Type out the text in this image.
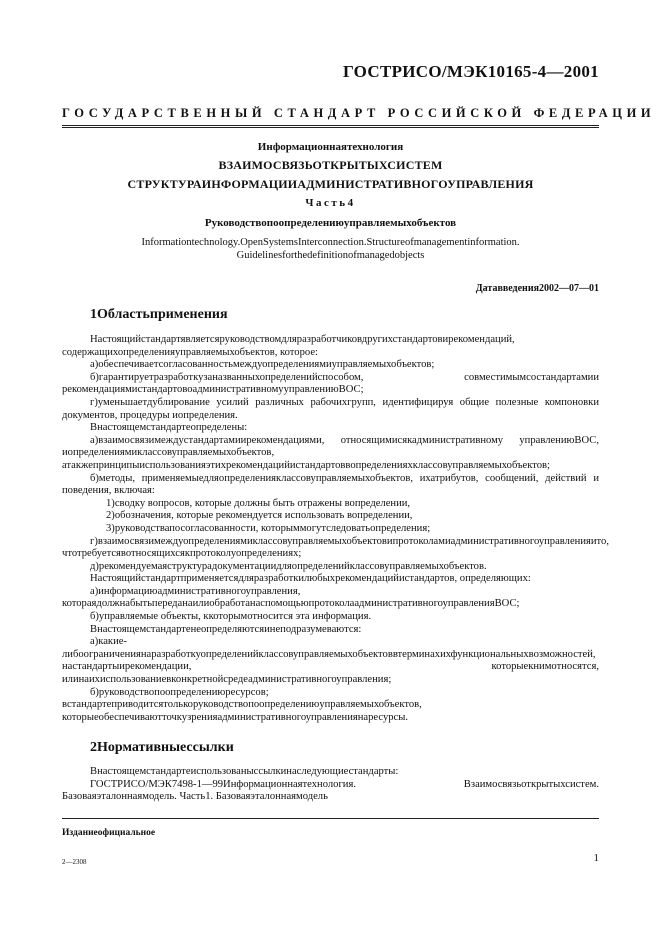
ГОСТРИСО/МЭК10165-4—2001
ГОСУДАРСТВЕННЫЙ СТАНДАРТ РОССИЙСКОЙ ФЕДЕРАЦИИ
Информационнаятехнология
ВЗАИМОСВЯЗЬОТКРЫТЫХСИСТЕМ
СТРУКТУРАИНФОРМАЦИИАДМИНИСТРАТИВНОГОУПРАВЛЕНИЯ
Часть4
Руководствопоопределениюуправляемыхобъектов
Informationtechnology.OpenSystemsInterconnection.Structureofmanagementinformation.
Guidelinesforthedefinitionofmanagedobjects
Датавведения2002—07—01
1Областьприменения

Настоящийстандартявляетсяруководствомдляразработчиковдругихстандартовирекомендаций, содержащихопределенияуправляемыхобъектов, которое:

а)обеспечиваетсогласованностьмеждуопределениямиуправляемыхобъектов;

б)гарантируетразработкузаназванныхопределенийспособом, совместимымсостандартамии рекомендациямистандартовоадминистративномууправлениюВОС;

г)уменьшаетдублирование усилий различных рабочихгрупп, идентифицируя общие полезные компоновки документов, процедуры иопределения.

Внастоящемстандартеопределены:

а)взаимосвязимеждустандартамиирекомендациями, относящимисякадминистративному управлениюВОС, иопределениямиклассовуправляемыхобъектов, атакжепринципыиспользованияэтихрекомендацийистандартоввопределенияхклассовуправляемыхобъектов;

б)методы, применяемыедляопределенияклассовуправляемыхобъектов, ихатрибутов, сообщений, действий и поведения, включая:

1)сводку вопросов, которые должны быть отражены вопределении,

2)обозначения, которые рекомендуется использовать вопределении,

3)руководствапосогласованности, которыммогутследоватьопределения;

г)взаимосвязимеждуопределениямиклассовуправляемыхобъектовипротоколамиадминистративногоуправленияито, чтотребуетсявотносящихсякпротоколуопределениях;

д)рекомендуемаяструктурадокументациидляопределенийклассовуправляемыхобъектов.

Настоящийстандартприменяетсядляразработкилюбыхрекомендацийистандартов, определяющих:

а)информациюадминистративногоуправления, котораядолжнабытьпереданаилиобработанаспомощьюпротоколаадминистративногоуправленияВОС;

б)управляемые объекты, ккоторымотносится эта информация.

Внастоящемстандартенеопределяютсяинеподразумеваются:

а)какие-либоограничениянаразработкуопределенийклассовуправляемыхобъектоввтерминахихфункциональныхвозможностей, настандартыирекомендации, которыекнимотносятся, илинаихиспользованиевконкретнойсредеадминистративногоуправления;

б)руководствопоопределениюресурсов; встандартеприводитсятолькоруководствопоопределениюуправляемыхобъектов, которыеобеспечиваютточкузренияадминистративногоуправлениянаресурсы.

2Нормативныессылки

Внастоящемстандартеиспользованыссылкинаследующиестандарты:

ГОСТРИСО/МЭК7498-1—99Информационнаятехнология. Взаимосвязьоткрытыхсистем. Базоваяэталоннаямодель. Часть1. Базоваяэталоннаямодель

Изданиеофициальное
2—2308	1
